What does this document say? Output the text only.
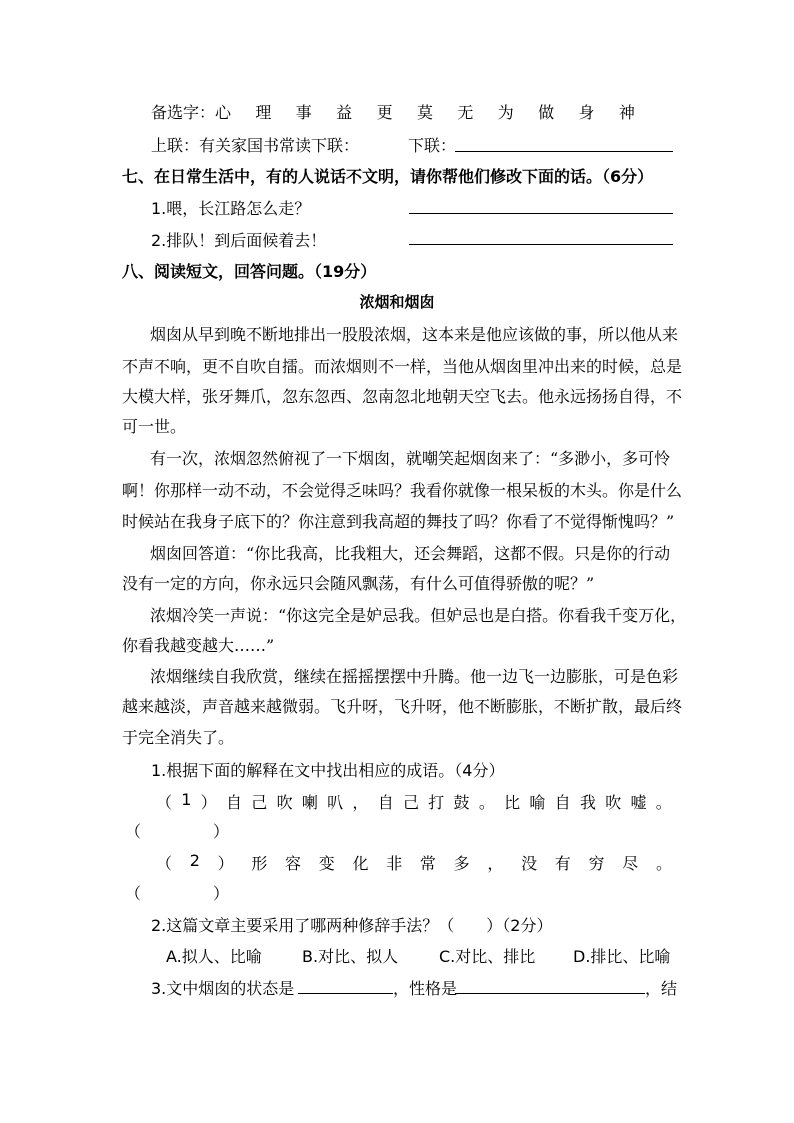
备选字： 心 理 事 益 更 莫 无 为 做 身 神
上联：有关家国书常读下联：	下联：
七、在日常生活中，有的人说话不文明，请你帮他们修改下面的话。（6分）
1.喂，长江路怎么走？
2.排队！到后面候着去！
八、阅读短文，回答问题。（19分）
浓烟和烟囱
烟囱从早到晚不断地排出一股股浓烟，这本来是他应该做的事，所以他从来
不声不响，更不自吹自擂。而浓烟则不一样，当他从烟囱里冲出来的时候，总是
大模大样，张牙舞爪，忽东忽西、忽南忽北地朝天空飞去。他永远扬扬自得，不
可一世。
有一次，浓烟忽然俯视了一下烟囱，就嘲笑起烟囱来了：“多渺小，多可怜
啊！你那样一动不动，不会觉得乏味吗？我看你就像一根呆板的木头。你是什么
时候站在我身子底下的？你注意到我高超的舞技了吗？你看了不觉得惭愧吗？”
烟囱回答道：“你比我高，比我粗大，还会舞蹈，这都不假。只是你的行动
没有一定的方向，你永远只会随风飘荡，有什么可值得骄傲的呢？”
浓烟冷笑一声说：“你这完全是妒忌我。但妒忌也是白搭。你看我千变万化，
你看我越变越大……”
浓烟继续自我欣赏，继续在摇摇摆摆中升腾。他一边飞一边膨胀，可是色彩
越来越淡，声音越来越微弱。飞升呀，飞升呀，他不断膨胀，不断扩散，最后终
于完全消失了。
1.根据下面的解释在文中找出相应的成语。（4分）
（ 1 ） 自 己 吹 喇 叭 ， 自 己 打 鼓 。 比 喻 自 我 吹 嘘 。
（	）
（ 2 ） 形 容 变 化 非 常 多 ， 没 有 穷 尽 。
（	）
2.这篇文章主要采用了哪两种修辞手法？（　　）（2分）
A.拟人、比喻	B.对比、拟人	C.对比、排比 D.排比、比喻
3.文中烟囱的状态是	，性格是	，结
